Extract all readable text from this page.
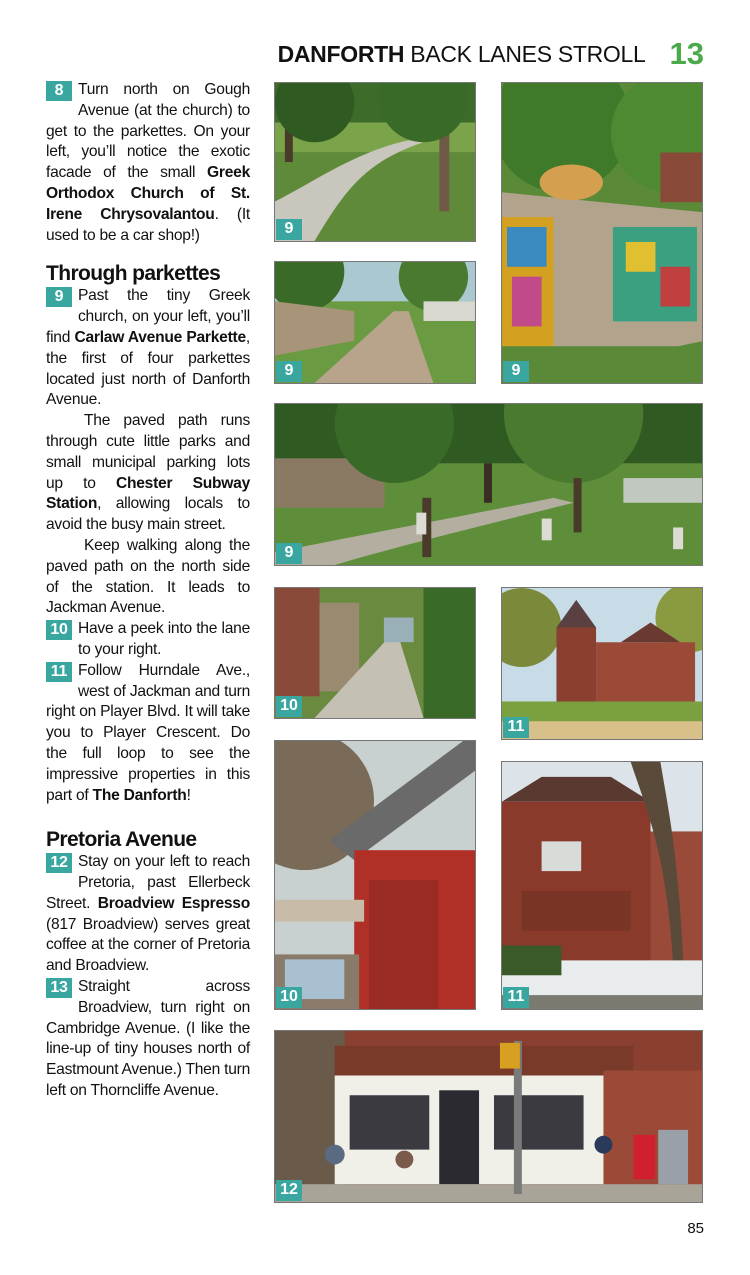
DANFORTH BACK LANES STROLL 13

8 Turn north on Gough Avenue (at the church) to get to the parkettes. On your left, you’ll notice the exotic facade of the small Greek Orthodox Church of St. Irene Chrysovalantou. (It used to be a car shop!)

Through parkettes

9 Past the tiny Greek church, on your left, you’ll find Carlaw Avenue Parkette, the first of four parkettes located just north of Danforth Avenue.

The paved path runs through cute little parks and small municipal parking lots up to Chester Subway Station, allowing locals to avoid the busy main street.

Keep walking along the paved path on the north side of the station. It leads to Jackman Avenue.

10 Have a peek into the lane to your right.

11 Follow Hurndale Ave., west of Jackman and turn right on Player Blvd. It will take you to Player Crescent. Do the full loop to see the impressive properties in this part of The Danforth!

Pretoria Avenue

12 Stay on your left to reach Pretoria, past Ellerbeck Street. Broadview Espresso (817 Broadview) serves great coffee at the corner of Pretoria and Broadview.

13 Straight across Broadview, turn right on Cambridge Avenue. (I like the line-up of tiny houses north of Eastmount Avenue.) Then turn left on Thorncliffe Avenue.

9
9
9
9
10
11
10	11
12
85
